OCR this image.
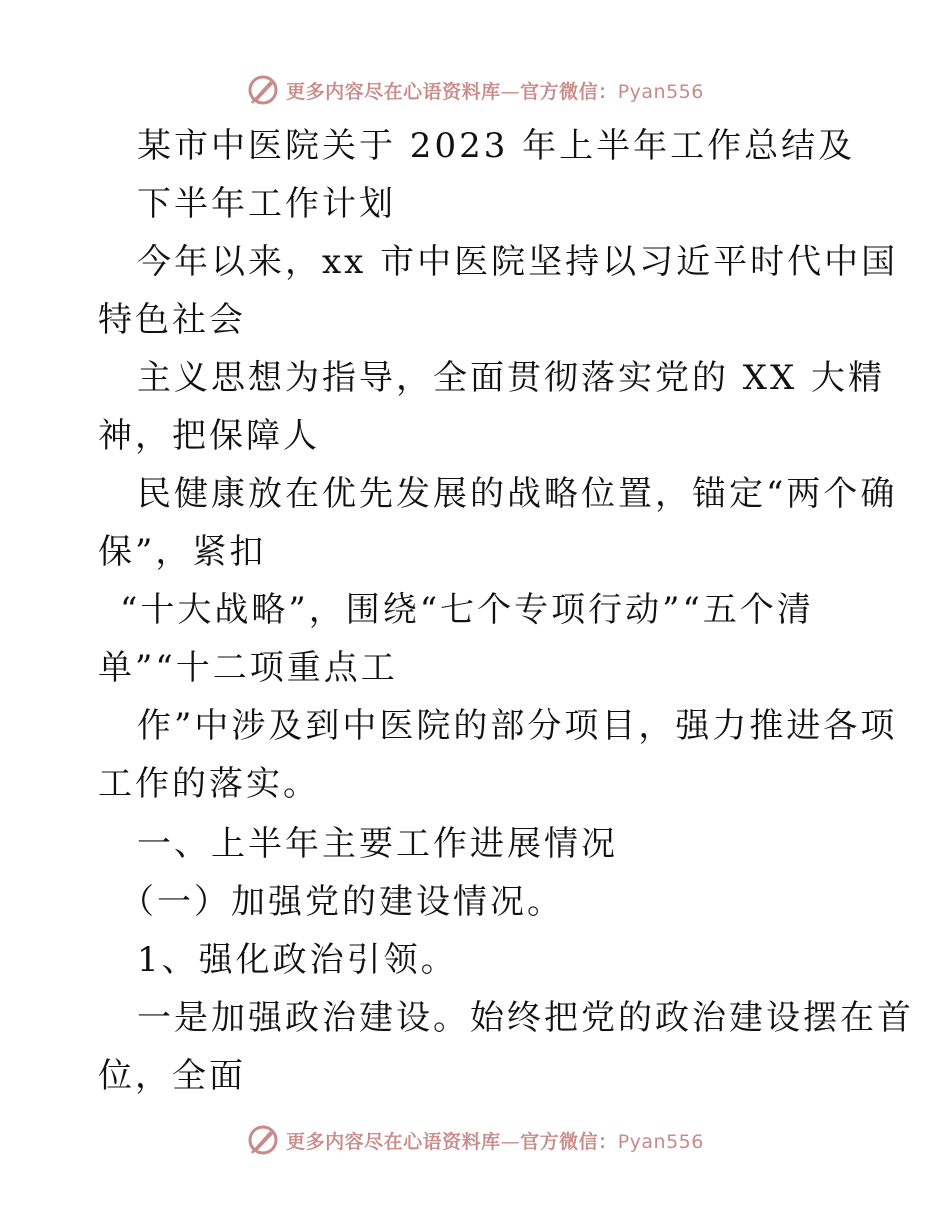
更多内容尽在心语资料库—官方微信：Pyan556
某市中医院关于 2023 年上半年工作总结及
下半年工作计划
今年以来，xx 市中医院坚持以习近平时代中国
特色社会
主义思想为指导，全面贯彻落实党的 XX 大精
神，把保障人
民健康放在优先发展的战略位置，锚定“两个确
保”，紧扣
“十大战略”，围绕“七个专项行动”“五个清
单”“十二项重点工
作”中涉及到中医院的部分项目，强力推进各项
工作的落实。
一、上半年主要工作进展情况
（一）加强党的建设情况。
1、强化政治引领。
一是加强政治建设。始终把党的政治建设摆在首
位，全面
更多内容尽在心语资料库—官方微信：Pyan556
